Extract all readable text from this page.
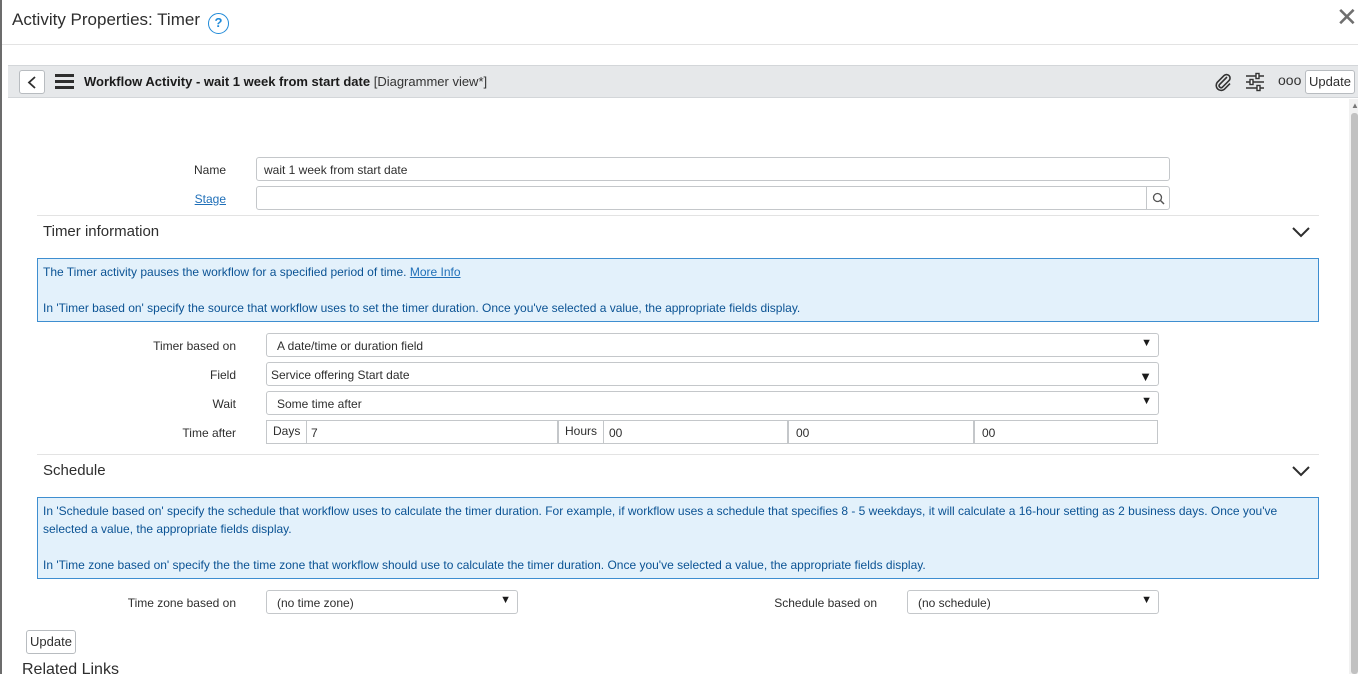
Activity Properties: Timer	?	✕
Workflow Activity - wait 1 week from start date [Diagrammer view*]	ooo Update
▲
Name	wait 1 week from start date
Stage
Timer information
The Timer activity pauses the workflow for a specified period of time. More Info
In 'Timer based on' specify the source that workflow uses to set the timer duration. Once you've selected a value, the appropriate fields display.
Timer based on	A date/time or duration field	▼
Field	Service offering Start date	▼
Wait	Some time after	▼
Time after	Days 7	Hours 00	00	00
Schedule
In 'Schedule based on' specify the schedule that workflow uses to calculate the timer duration. For example, if workflow uses a schedule that specifies 8 - 5 weekdays, it will calculate a 16-hour setting as 2 business days. Once you've selected a value, the appropriate fields display.
In 'Time zone based on' specify the the time zone that workflow should use to calculate the timer duration. Once you've selected a value, the appropriate fields display.
Time zone based on	(no time zone)	▼	Schedule based on	(no schedule)	▼
Update
Related Links
